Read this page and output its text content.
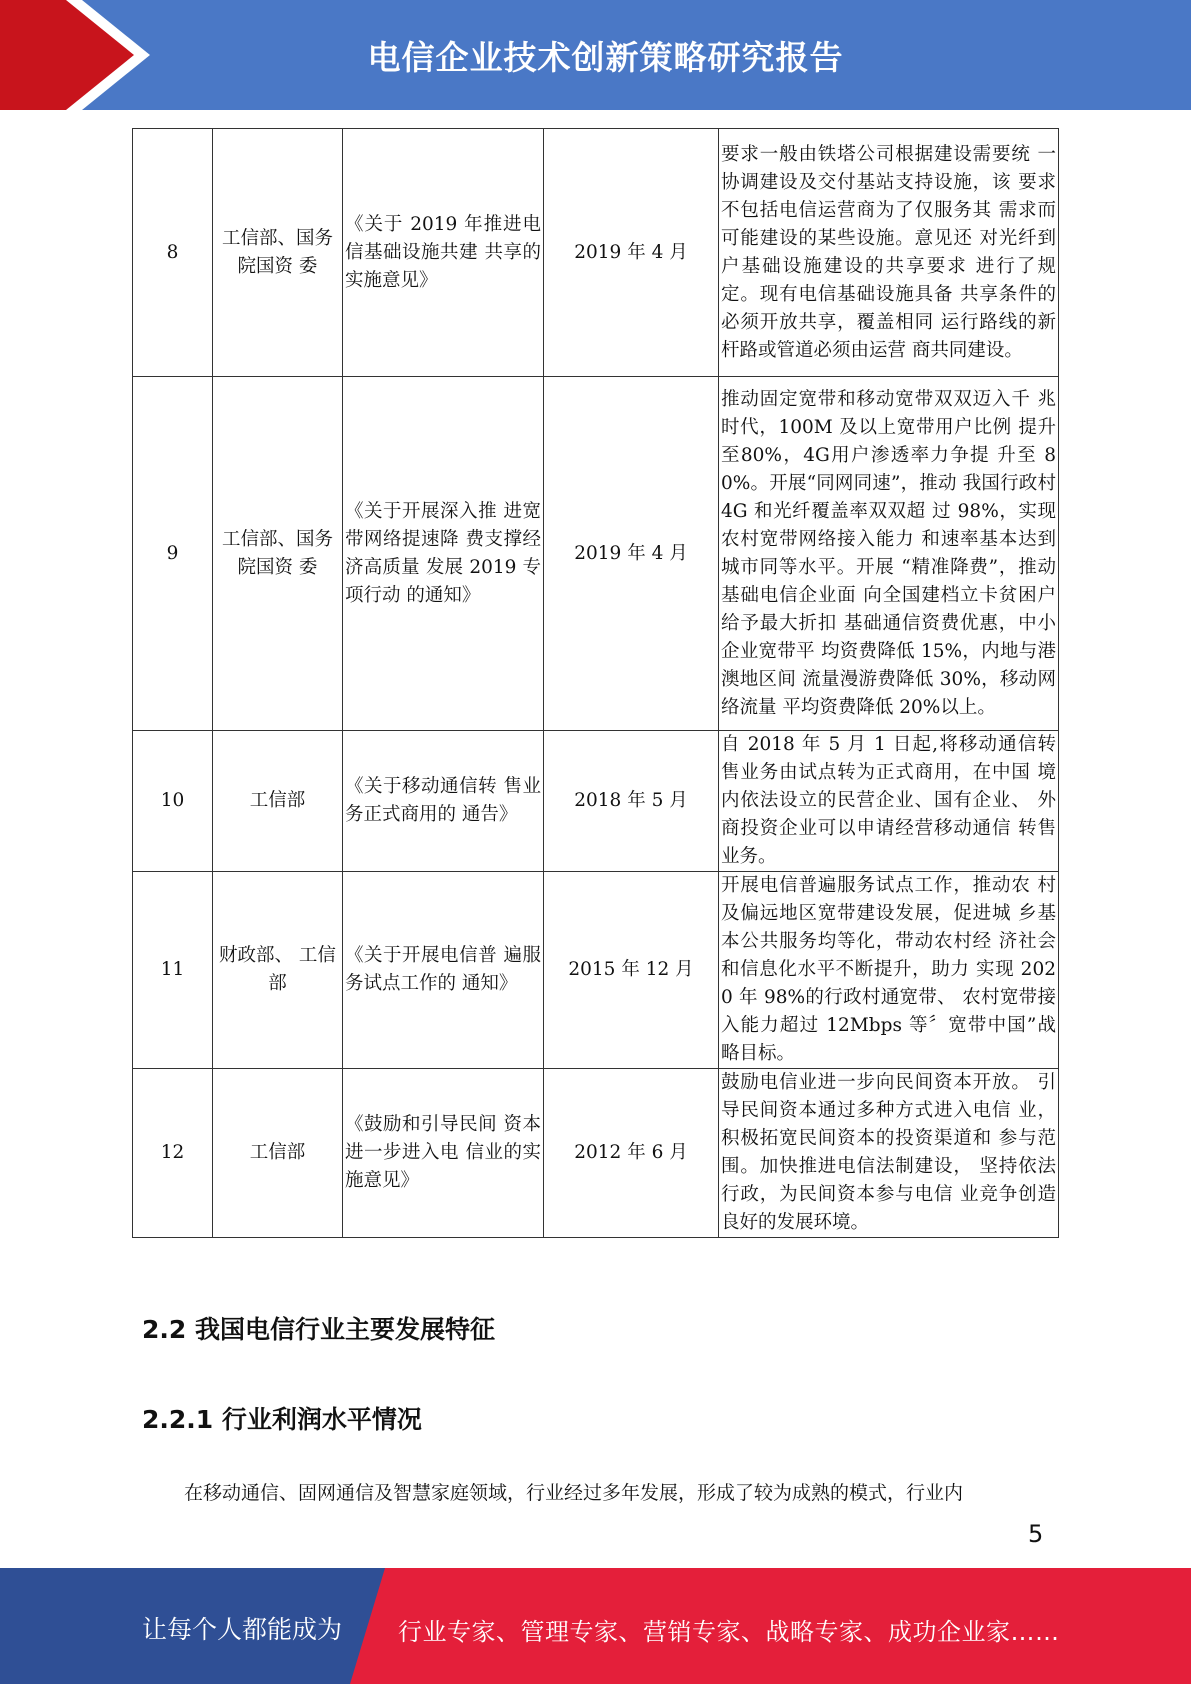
电信企业技术创新策略研究报告
8	工信部、国务院国资 委	《关于 2019 年推进电信基础设施共建 共享的实施意见》	2019 年 4 月	要求一般由铁塔公司根据建设需要统 一协调建设及交付基站支持设施，该 要求不包括电信运营商为了仅服务其 需求而可能建设的某些设施。意见还 对光纤到户基础设施建设的共享要求 进行了规定。现有电信基础设施具备 共享条件的必须开放共享，覆盖相同 运行路线的新杆路或管道必须由运营 商共同建设。
9	工信部、国务院国资 委	《关于开展深入推 进宽带网络提速降 费支撑经济高质量 发展 2019 专项行动 的通知》	2019 年 4 月	推动固定宽带和移动宽带双双迈入千 兆时代，100M 及以上宽带用户比例 提升至80%，4G用户渗透率力争提 升至 80%。开展“同网同速”，推动 我国行政村 4G 和光纤覆盖率双双超 过 98%，实现农村宽带网络接入能力 和速率基本达到城市同等水平。开展 “精准降费”，推动基础电信企业面 向全国建档立卡贫困户给予最大折扣 基础通信资费优惠，中小企业宽带平 均资费降低 15%，内地与港澳地区间 流量漫游费降低 30%，移动网络流量 平均资费降低 20%以上。
10	工信部	《关于移动通信转 售业务正式商用的 通告》	2018 年 5 月	自 2018 年 5 月 1 日起,将移动通信转 售业务由试点转为正式商用，在中国 境内依法设立的民营企业、国有企业、 外商投资企业可以申请经营移动通信 转售业务。
11	财政部、 工信部	《关于开展电信普 遍服务试点工作的 通知》	2015 年 12 月	开展电信普遍服务试点工作，推动农 村及偏远地区宽带建设发展，促进城 乡基本公共服务均等化，带动农村经 济社会和信息化水平不断提升，助力 实现 2020 年 98%的行政村通宽带、 农村宽带接入能力超过 12Mbps 等〞宽带中国”战略目标。
12	工信部	《鼓励和引导民间 资本进一步进入电 信业的实施意见》	2012 年 6 月	鼓励电信业进一步向民间资本开放。 引导民间资本通过多种方式进入电信 业，积极拓宽民间资本的投资渠道和 参与范围。加快推进电信法制建设， 坚持依法行政，为民间资本参与电信 业竞争创造良好的发展环境。
2.2 我国电信行业主要发展特征
2.2.1 行业利润水平情况
在移动通信、固网通信及智慧家庭领域，行业经过多年发展，形成了较为成熟的模式，行业内
5
让每个人都能成为 行业专家、管理专家、营销专家、战略专家、成功企业家……
